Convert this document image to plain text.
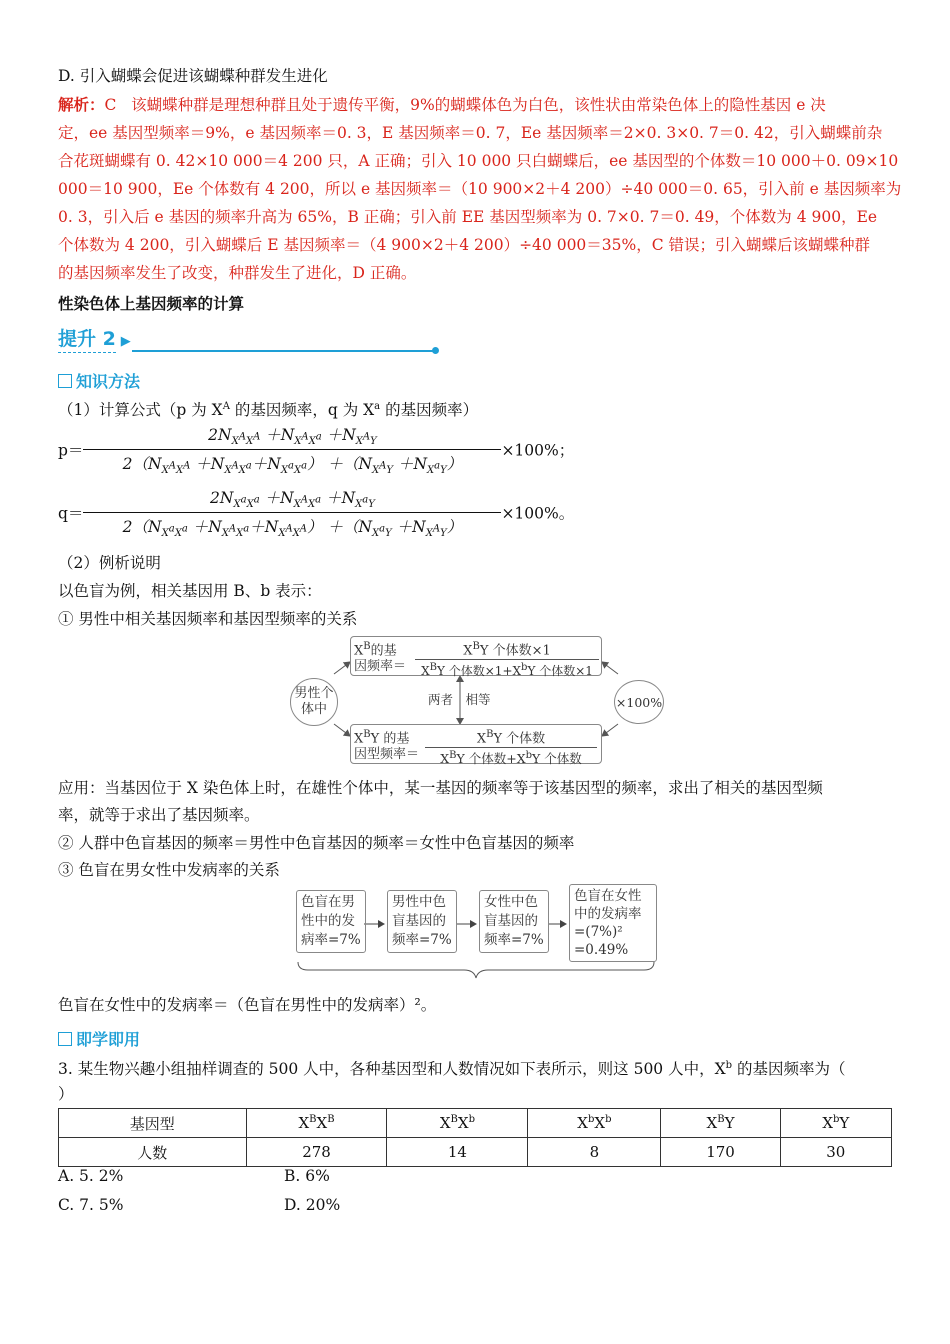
D. 引入蝴蝶会促进该蝴蝶种群发生进化
解析：C 该蝴蝶种群是理想种群且处于遗传平衡，9%的蝴蝶体色为白色，该性状由常染色体上的隐性基因 e 决
定，ee 基因型频率＝9%，e 基因频率＝0. 3，E 基因频率＝0. 7，Ee 基因频率＝2×0. 3×0. 7＝0. 42，引入蝴蝶前杂
合花斑蝴蝶有 0. 42×10 000＝4 200 只，A 正确；引入 10 000 只白蝴蝶后，ee 基因型的个体数＝10 000＋0. 09×10
000＝10 900，Ee 个体数有 4 200，所以 e 基因频率＝（10 900×2＋4 200）÷40 000＝0. 65，引入前 e 基因频率为
0. 3，引入后 e 基因的频率升高为 65%，B 正确；引入前 EE 基因型频率为 0. 7×0. 7＝0. 49，个体数为 4 900，Ee
个体数为 4 200，引入蝴蝶后 E 基因频率＝（4 900×2＋4 200）÷40 000＝35%，C 错误；引入蝴蝶后该蝴蝶种群
的基因频率发生了改变，种群发生了进化，D 正确。
性染色体上基因频率的计算
提升 2 ▶
知识方法
（1）计算公式（p 为 $X^A$ 的基因频率，q 为 $X^a$ 的基因频率）
$p= \frac{2N_{X^AX^A} +N_{X^AX^a} +N_{X^AY}}{2(N_{X^AX^A} +N_{X^AX^a}+N_{X^aX^a}) +(N_{X^AY} +N_{X^aY})} \times 100\%$；
$q= \frac{2N_{X^aX^a} +N_{X^AX^a} +N_{X^aY}}{2(N_{X^aX^a} +N_{X^AX^a}+N_{X^AX^A}) +(N_{X^aY} +N_{X^AY})} \times 100\%$。
（2）例析说明
以色盲为例，相关基因用 B、b 表示：
① 男性中相关基因频率和基因型频率的关系
男性个体中	×100%
$X^B$的基
因频率＝
$X^BY$ 个体数×1
$X^BY$ 个体数$\times 1+X^bY$ 个体数×1
两者　相等
$X^BY$ 的基
因型频率＝
$X^BY$ 个体数
$X^BY$ 个体数$+X^bY$ 个体数
应用：当基因位于 X 染色体上时，在雄性个体中，某一基因的频率等于该基因型的频率，求出了相关的基因型频
率，就等于求出了基因频率。
② 人群中色盲基因的频率＝男性中色盲基因的频率＝女性中色盲基因的频率
③ 色盲在男女性中发病率的关系
色盲在男
性中的发
病率=7%
男性中色
盲基因的
频率=7%
女性中色
盲基因的
频率=7%
色盲在女性
中的发病率
=(7%)²
=0.49%
色盲在女性中的发病率＝（色盲在男性中的发病率）²。
即学即用
3. 某生物兴趣小组抽样调查的 500 人中，各种基因型和人数情况如下表所示，则这 500 人中，$X^b$ 的基因频率为（
）
基因型	$X^BX^B$	$X^BX^b$	$X^bX^b$	$X^BY$	$X^bY$
人数	278	14	8	170	30
A. 5. 2%	B. 6%
C. 7. 5%	D. 20%
